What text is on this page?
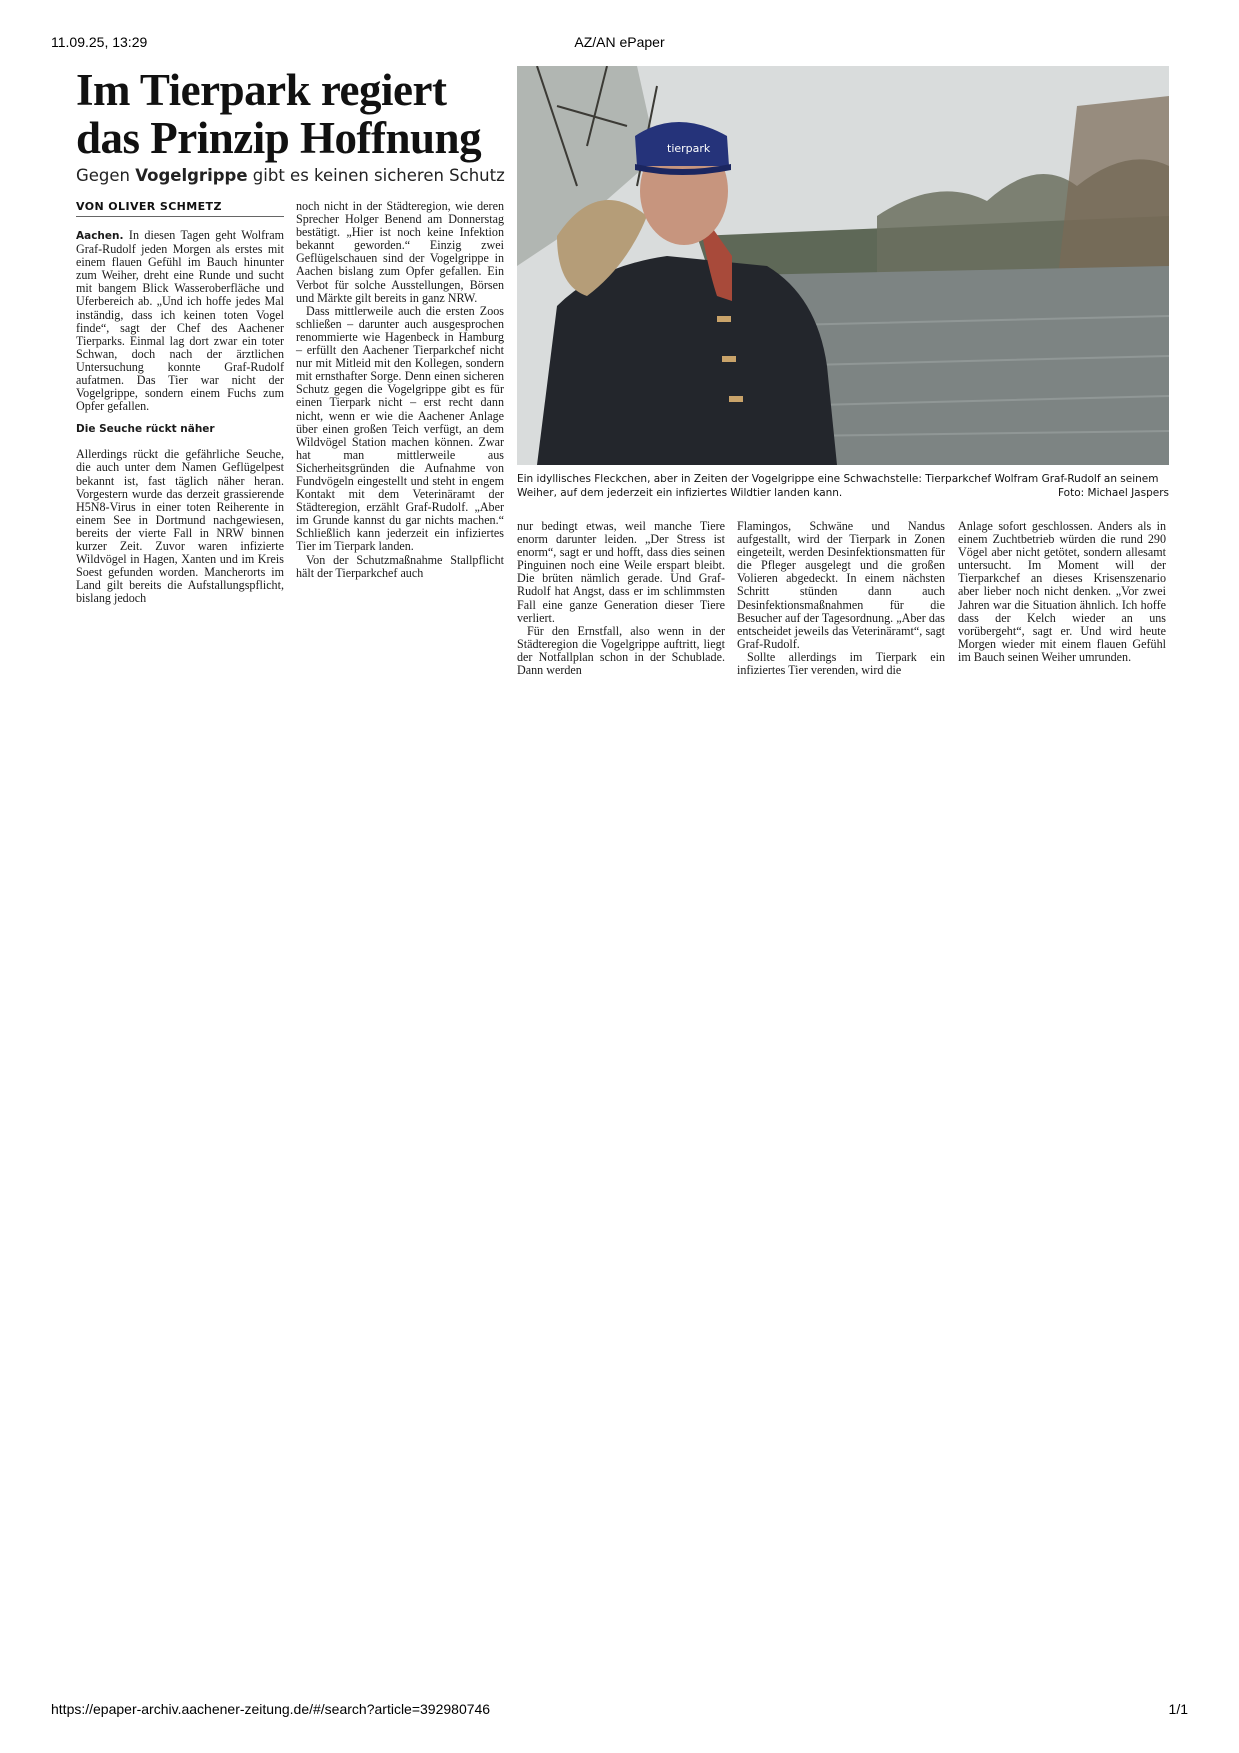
11.09.25, 13:29	AZ/AN ePaper
Im Tierpark regiert
das Prinzip Hoffnung
Gegen Vogelgrippe gibt es keinen sicheren Schutz
VON OLIVER SCHMETZ

Aachen. In diesen Tagen geht Wolfram Graf-Rudolf jeden Morgen als erstes mit einem flauen Gefühl im Bauch hinunter zum Weiher, dreht eine Runde und sucht mit bangem Blick Wasseroberfläche und Uferbereich ab. „Und ich hoffe jedes Mal inständig, dass ich keinen toten Vogel finde“, sagt der Chef des Aachener Tierparks. Einmal lag dort zwar ein toter Schwan, doch nach der ärztlichen Untersuchung konnte Graf-Rudolf aufatmen. Das Tier war nicht der Vogelgrippe, sondern einem Fuchs zum Opfer gefallen.

Die Seuche rückt näher

Allerdings rückt die gefährliche Seuche, die auch unter dem Namen Geflügelpest bekannt ist, fast täglich näher heran. Vorgestern wurde das derzeit grassierende H5N8-Virus in einer toten Reiherente in einem See in Dortmund nachgewiesen, bereits der vierte Fall in NRW binnen kurzer Zeit. Zuvor waren infizierte Wildvögel in Hagen, Xanten und im Kreis Soest gefunden worden. Mancherorts im Land gilt bereits die Aufstallungspflicht, bislang jedoch

noch nicht in der Städteregion, wie deren Sprecher Holger Benend am Donnerstag bestätigt. „Hier ist noch keine Infektion bekannt geworden.“ Einzig zwei Geflügelschauen sind der Vogelgrippe in Aachen bislang zum Opfer gefallen. Ein Verbot für solche Ausstellungen, Börsen und Märkte gilt bereits in ganz NRW.

Dass mittlerweile auch die ersten Zoos schließen – darunter auch ausgesprochen renommierte wie Hagenbeck in Hamburg – erfüllt den Aachener Tierparkchef nicht nur mit Mitleid mit den Kollegen, sondern mit ernsthafter Sorge. Denn einen sicheren Schutz gegen die Vogelgrippe gibt es für einen Tierpark nicht – erst recht dann nicht, wenn er wie die Aachener Anlage über einen großen Teich verfügt, an dem Wildvögel Station machen können. Zwar hat man mittlerweile aus Sicherheitsgründen die Aufnahme von Fundvögeln eingestellt und steht in engem Kontakt mit dem Veterinäramt der Städteregion, erzählt Graf-Rudolf. „Aber im Grunde kannst du gar nichts machen.“ Schließlich kann jederzeit ein infiziertes Tier im Tierpark landen.

Von der Schutzmaßnahme Stallpflicht hält der Tierparkchef auch

tierpark
Ein idyllisches Fleckchen, aber in Zeiten der Vogelgrippe eine Schwachstelle: Tierparkchef Wolfram Graf-Rudolf an seinem Weiher, auf dem jederzeit ein infiziertes Wildtier landen kann.	Foto: Michael Jaspers

nur bedingt etwas, weil manche Tiere enorm darunter leiden. „Der Stress ist enorm“, sagt er und hofft, dass dies seinen Pinguinen noch eine Weile erspart bleibt. Die brüten nämlich gerade. Und Graf-Rudolf hat Angst, dass er im schlimmsten Fall eine ganze Generation dieser Tiere verliert.

Für den Ernstfall, also wenn in der Städteregion die Vogelgrippe auftritt, liegt der Notfallplan schon in der Schublade. Dann werden

Flamingos, Schwäne und Nandus aufgestallt, wird der Tierpark in Zonen eingeteilt, werden Desinfektionsmatten für die Pfleger ausgelegt und die großen Volieren abgedeckt. In einem nächsten Schritt stünden dann auch Desinfektionsmaßnahmen für die Besucher auf der Tagesordnung. „Aber das entscheidet jeweils das Veterinäramt“, sagt Graf-Rudolf.

Sollte allerdings im Tierpark ein infiziertes Tier verenden, wird die

Anlage sofort geschlossen. Anders als in einem Zuchtbetrieb würden die rund 290 Vögel aber nicht getötet, sondern allesamt untersucht. Im Moment will der Tierparkchef an dieses Krisenszenario aber lieber noch nicht denken. „Vor zwei Jahren war die Situation ähnlich. Ich hoffe dass der Kelch wieder an uns vorübergeht“, sagt er. Und wird heute Morgen wieder mit einem flauen Gefühl im Bauch seinen Weiher umrunden.

https://epaper-archiv.aachener-zeitung.de/#/search?article=392980746	1/1
